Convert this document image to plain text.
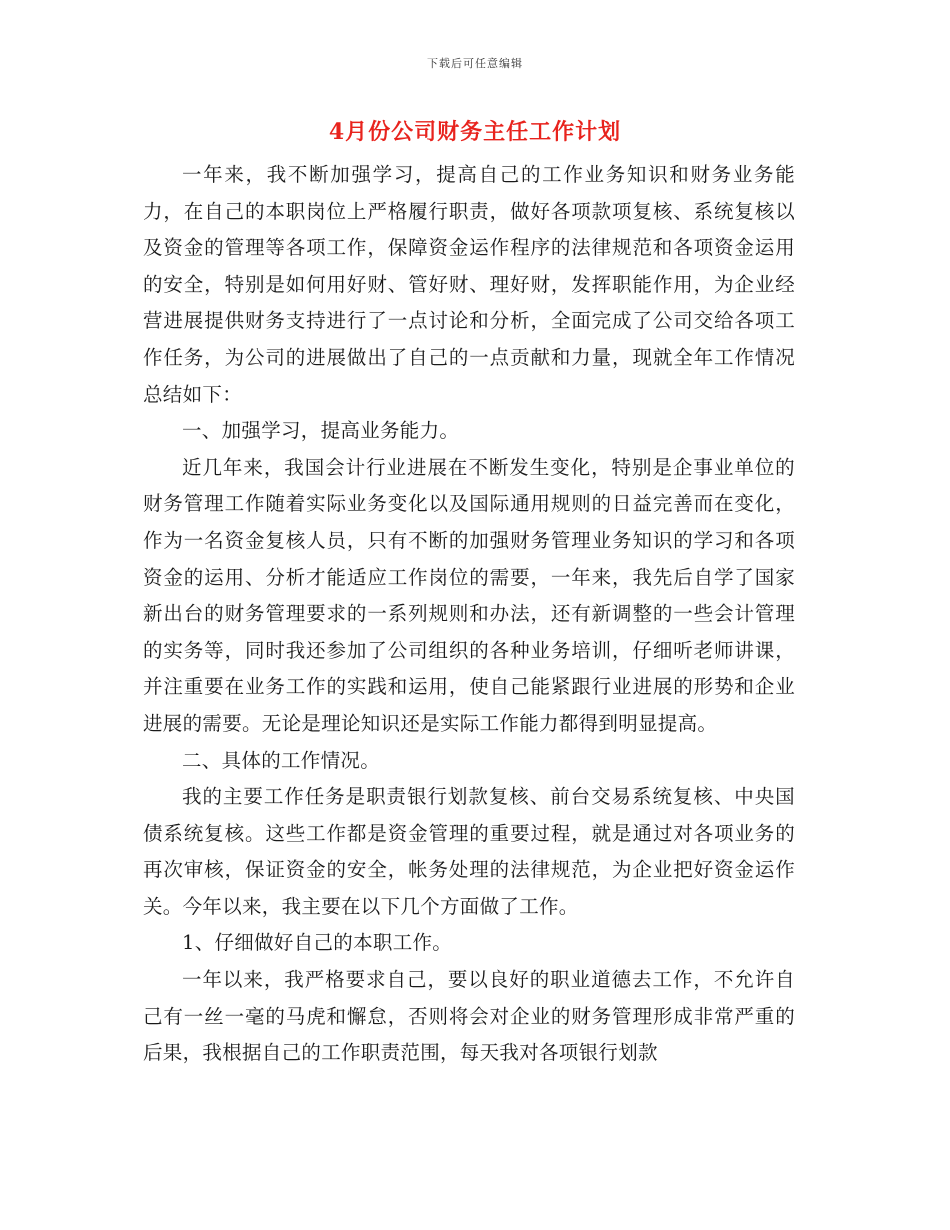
下载后可任意编辑
4月份公司财务主任工作计划

一年来，我不断加强学习，提高自己的工作业务知识和财务业务能力，在自己的本职岗位上严格履行职责，做好各项款项复核、系统复核以及资金的管理等各项工作，保障资金运作程序的法律规范和各项资金运用的安全，特别是如何用好财、管好财、理好财，发挥职能作用，为企业经营进展提供财务支持进行了一点讨论和分析，全面完成了公司交给各项工作任务，为公司的进展做出了自己的一点贡献和力量，现就全年工作情况总结如下：

一、加强学习，提高业务能力。

近几年来，我国会计行业进展在不断发生变化，特别是企事业单位的财务管理工作随着实际业务变化以及国际通用规则的日益完善而在变化，作为一名资金复核人员，只有不断的加强财务管理业务知识的学习和各项资金的运用、分析才能适应工作岗位的需要，一年来，我先后自学了国家新出台的财务管理要求的一系列规则和办法，还有新调整的一些会计管理的实务等，同时我还参加了公司组织的各种业务培训，仔细听老师讲课，并注重要在业务工作的实践和运用，使自己能紧跟行业进展的形势和企业进展的需要。无论是理论知识还是实际工作能力都得到明显提高。

二、具体的工作情况。

我的主要工作任务是职责银行划款复核、前台交易系统复核、中央国债系统复核。这些工作都是资金管理的重要过程，就是通过对各项业务的再次审核，保证资金的安全，帐务处理的法律规范，为企业把好资金运作关。今年以来，我主要在以下几个方面做了工作。

1、仔细做好自己的本职工作。

一年以来，我严格要求自己，要以良好的职业道德去工作，不允许自己有一丝一毫的马虎和懈怠，否则将会对企业的财务管理形成非常严重的后果，我根据自己的工作职责范围，每天我对各项银行划款
